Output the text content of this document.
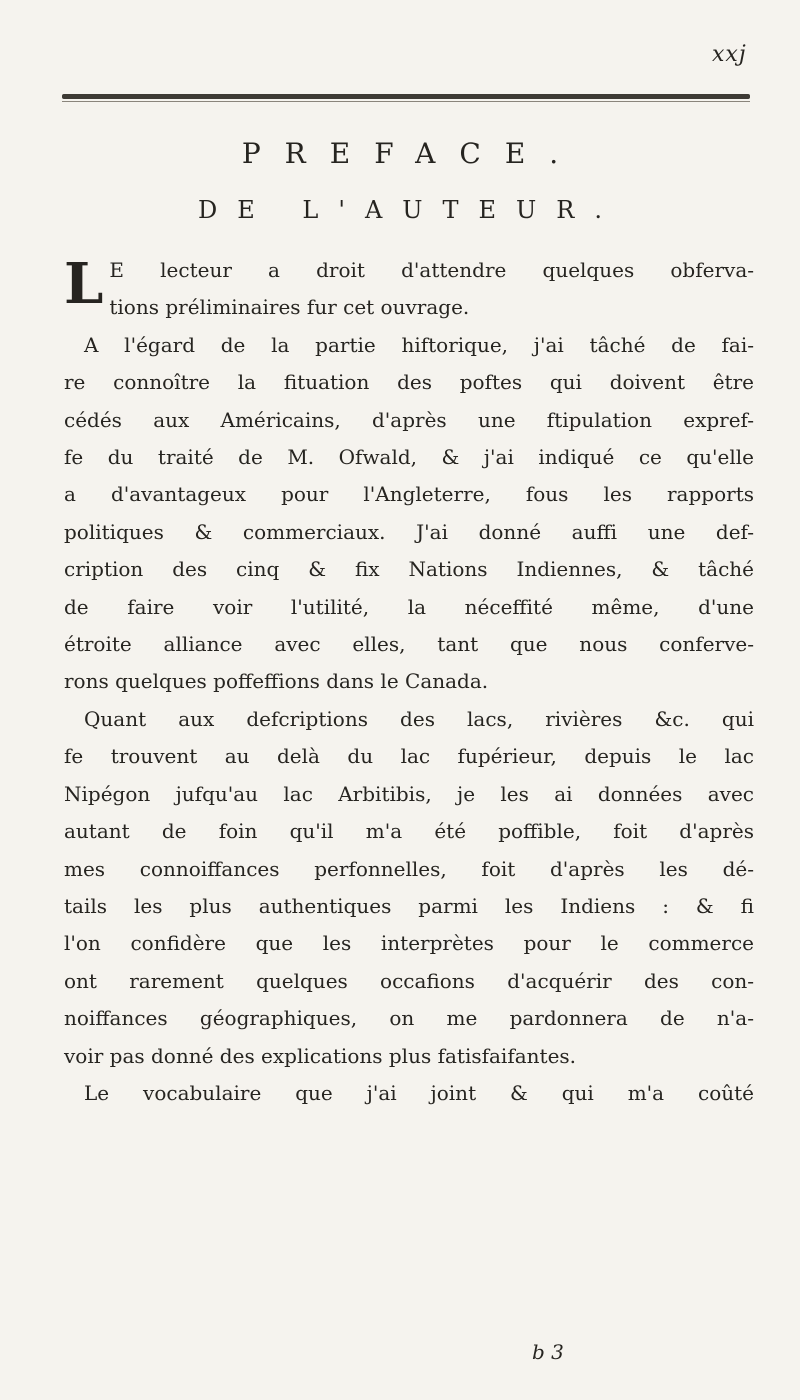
xxj
PREFACE.
DE L'AUTEUR.
L E lecteur a droit d'attendre quelques obferva-
tions préliminaires fur cet ouvrage.
A l'égard de la partie hiftorique, j'ai tâché de fai-
re connoître la fituation des poftes qui doivent être
cédés aux Américains, d'après une ftipulation expref-
fe du traité de M. Ofwald, & j'ai indiqué ce qu'elle
a d'avantageux pour l'Angleterre, fous les rapports
politiques & commerciaux. J'ai donné auffi une def-
cription des cinq & fix Nations Indiennes, & tâché
de faire voir l'utilité, la néceffité même, d'une
étroite alliance avec elles, tant que nous conferve-
rons quelques poffeffions dans le Canada.
Quant aux defcriptions des lacs, rivières &c. qui
fe trouvent au delà du lac fupérieur, depuis le lac
Nipégon jufqu'au lac Arbitibis, je les ai données avec
autant de foin qu'il m'a été poffible, foit d'après
mes connoiffances perfonnelles, foit d'après les dé-
tails les plus authentiques parmi les Indiens : & fi
l'on confidère que les interprètes pour le commerce
ont rarement quelques occafions d'acquérir des con-
noiffances géographiques, on me pardonnera de n'a-
voir pas donné des explications plus fatisfaifantes.
Le vocabulaire que j'ai joint & qui m'a coûté
b 3
